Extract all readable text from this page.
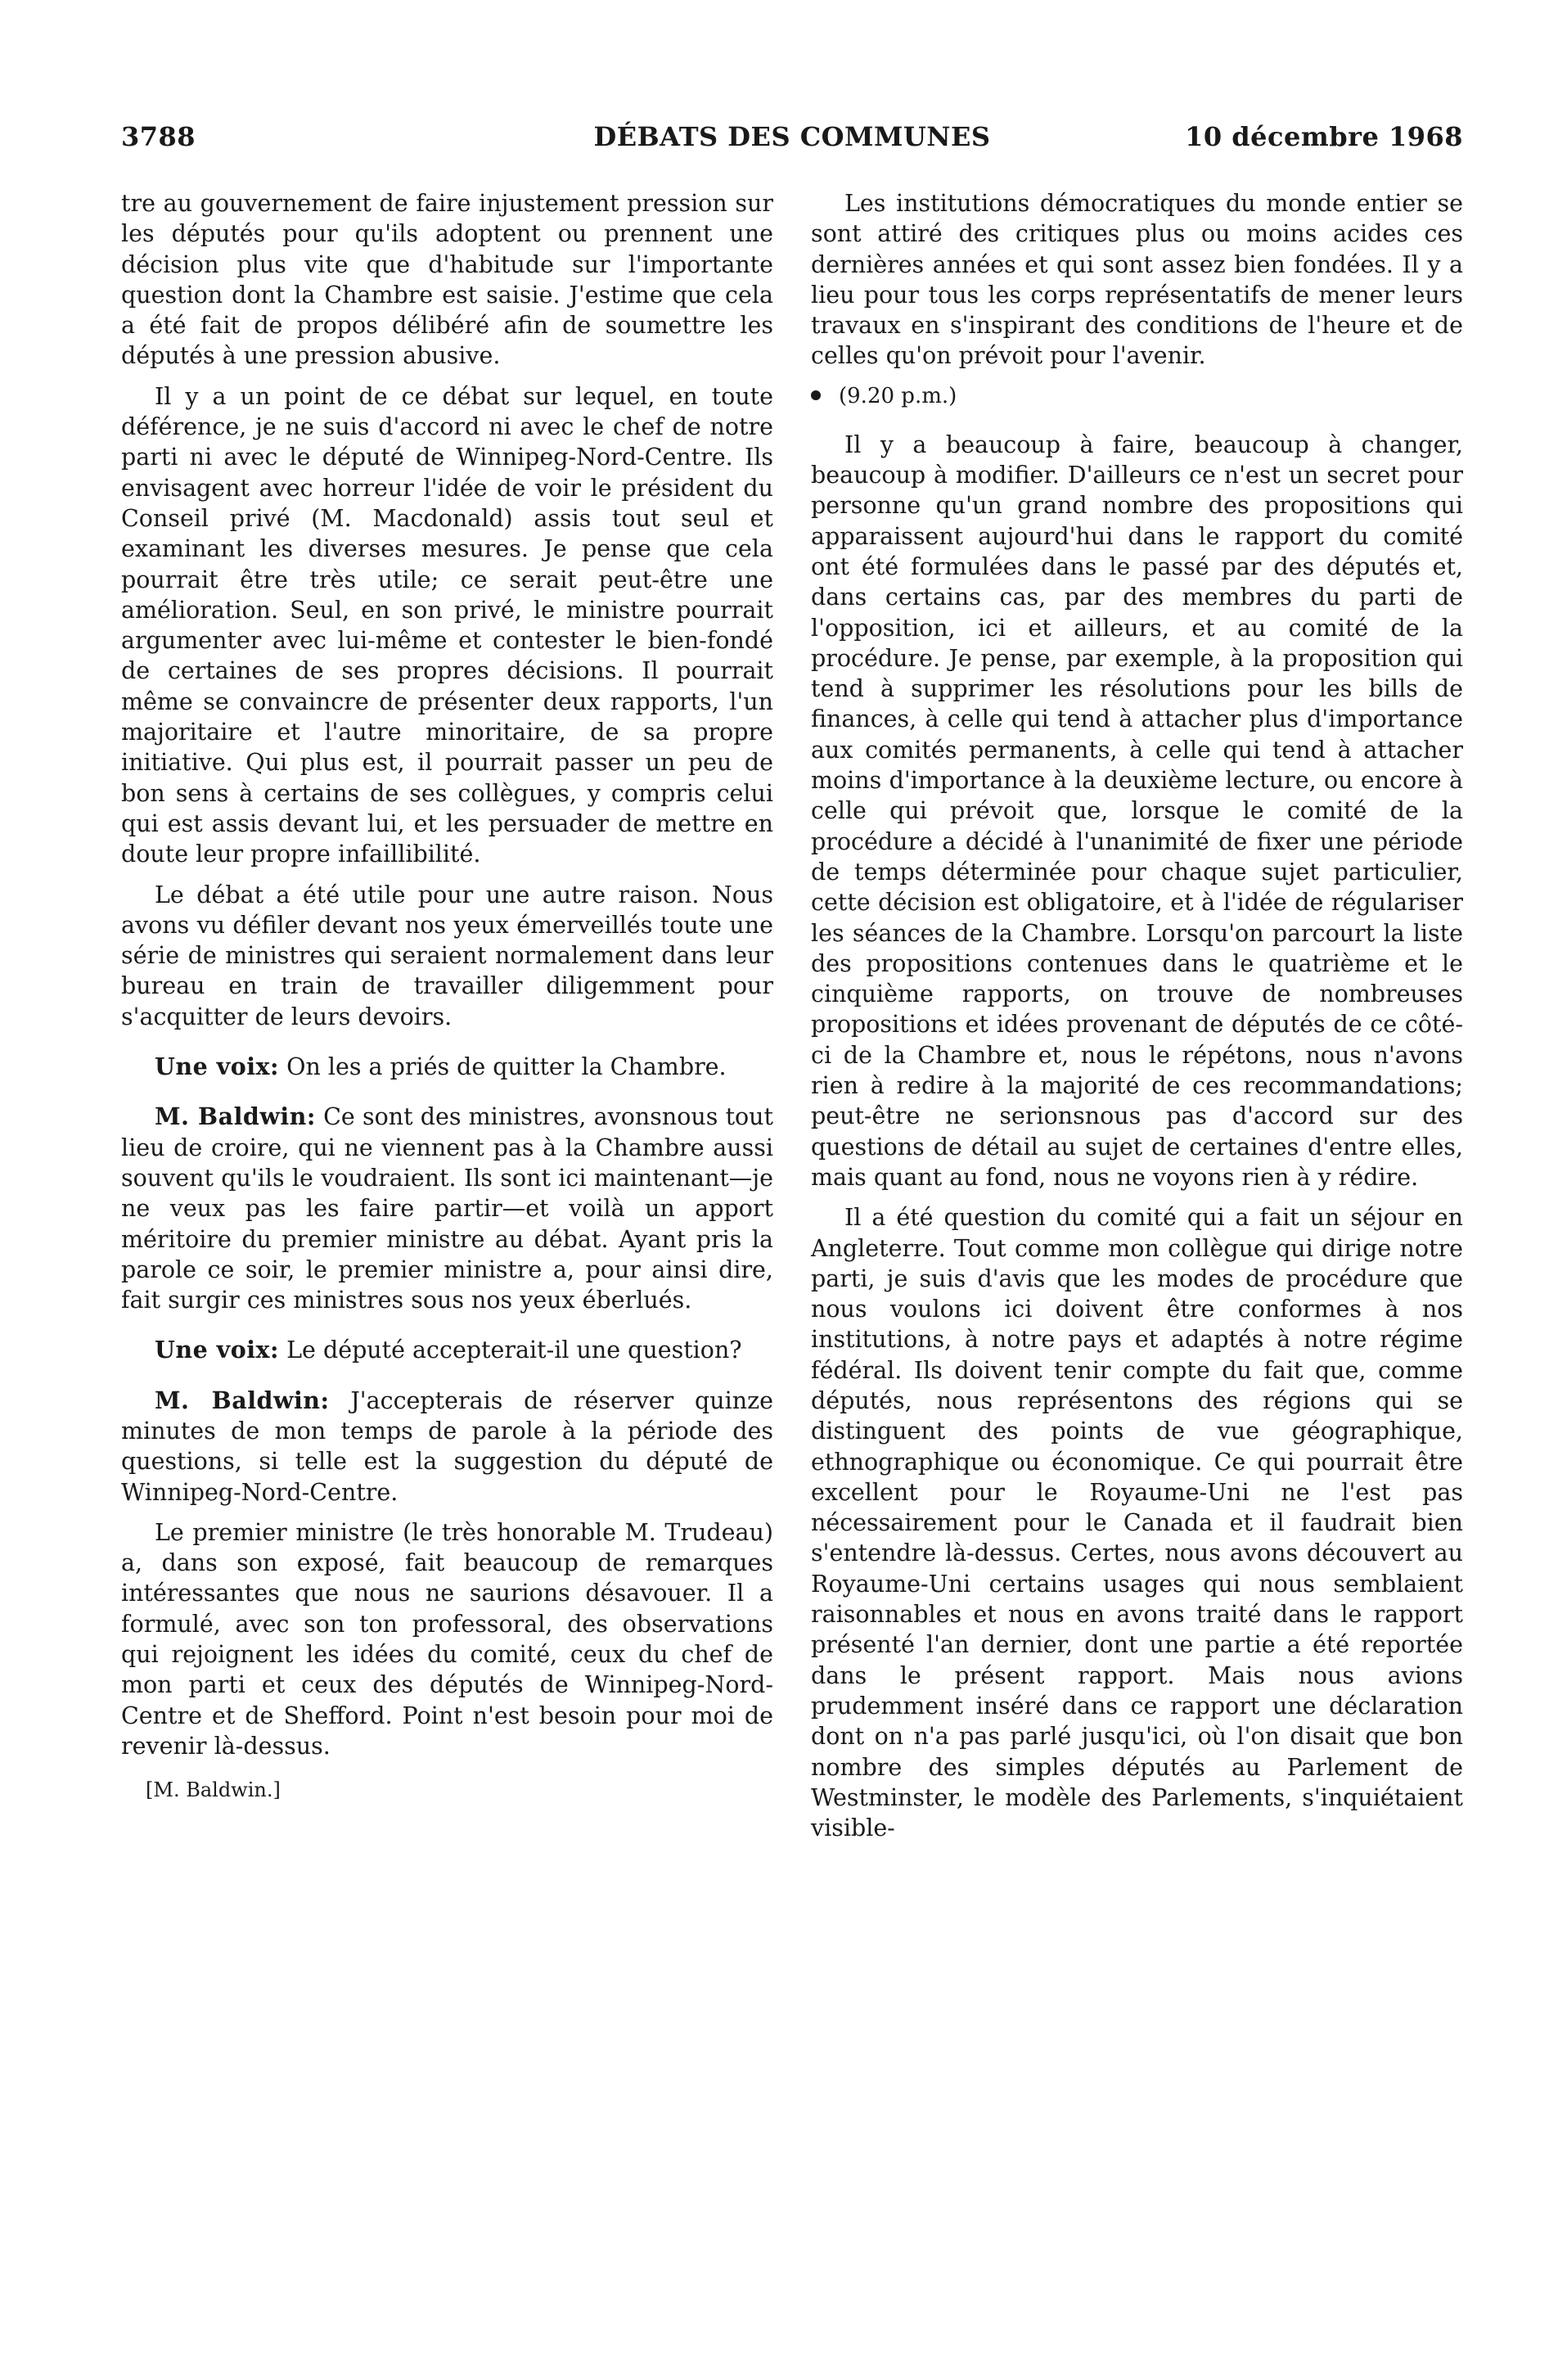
3788	DÉBATS DES COMMUNES	10 décembre 1968

tre au gouvernement de faire injustement pression sur les députés pour qu'ils adoptent ou prennent une décision plus vite que d'habitude sur l'importante question dont la Chambre est saisie. J'estime que cela a été fait de propos délibéré afin de soumettre les députés à une pression abusive.

Il y a un point de ce débat sur lequel, en toute déférence, je ne suis d'accord ni avec le chef de notre parti ni avec le député de Winnipeg-Nord-Centre. Ils envisagent avec horreur l'idée de voir le président du Conseil privé (M. Macdonald) assis tout seul et examinant les diverses mesures. Je pense que cela pourrait être très utile; ce serait peut-être une amélioration. Seul, en son privé, le ministre pourrait argumenter avec lui-même et contester le bien-fondé de certaines de ses propres décisions. Il pourrait même se convaincre de présenter deux rapports, l'un majoritaire et l'autre minoritaire, de sa propre initiative. Qui plus est, il pourrait passer un peu de bon sens à certains de ses collègues, y compris celui qui est assis devant lui, et les persuader de mettre en doute leur propre infaillibilité.

Le débat a été utile pour une autre raison. Nous avons vu défiler devant nos yeux émerveillés toute une série de ministres qui seraient normalement dans leur bureau en train de travailler diligemment pour s'acquitter de leurs devoirs.

Une voix: On les a priés de quitter la Chambre.

M. Baldwin: Ce sont des ministres, avonsnous tout lieu de croire, qui ne viennent pas à la Chambre aussi souvent qu'ils le voudraient. Ils sont ici maintenant—je ne veux pas les faire partir—et voilà un apport méritoire du premier ministre au débat. Ayant pris la parole ce soir, le premier ministre a, pour ainsi dire, fait surgir ces ministres sous nos yeux éberlués.

Une voix: Le député accepterait-il une question?

M. Baldwin: J'accepterais de réserver quinze minutes de mon temps de parole à la période des questions, si telle est la suggestion du député de Winnipeg-Nord-Centre.

Le premier ministre (le très honorable M. Trudeau) a, dans son exposé, fait beaucoup de remarques intéressantes que nous ne saurions désavouer. Il a formulé, avec son ton professoral, des observations qui rejoignent les idées du comité, ceux du chef de mon parti et ceux des députés de Winnipeg-Nord-Centre et de Shefford. Point n'est besoin pour moi de revenir là-dessus.

[M. Baldwin.]

Les institutions démocratiques du monde entier se sont attiré des critiques plus ou moins acides ces dernières années et qui sont assez bien fondées. Il y a lieu pour tous les corps représentatifs de mener leurs travaux en s'inspirant des conditions de l'heure et de celles qu'on prévoit pour l'avenir.

(9.20 p.m.)

Il y a beaucoup à faire, beaucoup à changer, beaucoup à modifier. D'ailleurs ce n'est un secret pour personne qu'un grand nombre des propositions qui apparaissent aujourd'hui dans le rapport du comité ont été formulées dans le passé par des députés et, dans certains cas, par des membres du parti de l'opposition, ici et ailleurs, et au comité de la procédure. Je pense, par exemple, à la proposition qui tend à supprimer les résolutions pour les bills de finances, à celle qui tend à attacher plus d'importance aux comités permanents, à celle qui tend à attacher moins d'importance à la deuxième lecture, ou encore à celle qui prévoit que, lorsque le comité de la procédure a décidé à l'unanimité de fixer une période de temps déterminée pour chaque sujet particulier, cette décision est obligatoire, et à l'idée de régulariser les séances de la Chambre. Lorsqu'on parcourt la liste des propositions contenues dans le quatrième et le cinquième rapports, on trouve de nombreuses propositions et idées provenant de députés de ce côté-ci de la Chambre et, nous le répétons, nous n'avons rien à redire à la majorité de ces recommandations; peut-être ne serionsnous pas d'accord sur des questions de détail au sujet de certaines d'entre elles, mais quant au fond, nous ne voyons rien à y rédire.

Il a été question du comité qui a fait un séjour en Angleterre. Tout comme mon collègue qui dirige notre parti, je suis d'avis que les modes de procédure que nous voulons ici doivent être conformes à nos institutions, à notre pays et adaptés à notre régime fédéral. Ils doivent tenir compte du fait que, comme députés, nous représentons des régions qui se distinguent des points de vue géographique, ethnographique ou économique. Ce qui pourrait être excellent pour le Royaume-Uni ne l'est pas nécessairement pour le Canada et il faudrait bien s'entendre là-dessus. Certes, nous avons découvert au Royaume-Uni certains usages qui nous semblaient raisonnables et nous en avons traité dans le rapport présenté l'an dernier, dont une partie a été reportée dans le présent rapport. Mais nous avions prudemment inséré dans ce rapport une déclaration dont on n'a pas parlé jusqu'ici, où l'on disait que bon nombre des simples députés au Parlement de Westminster, le modèle des Parlements, s'inquiétaient visible-
